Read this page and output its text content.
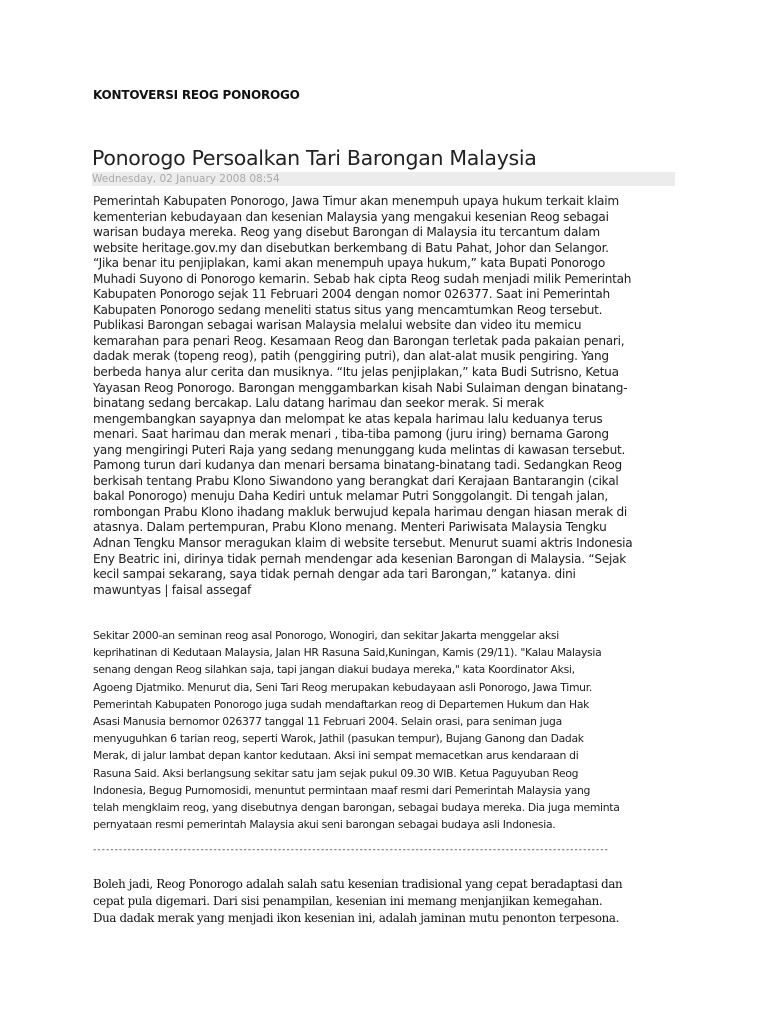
KONTOVERSI REOG PONOROGO
Ponorogo Persoalkan Tari Barongan Malaysia
Wednesday, 02 January 2008 08:54
Pemerintah Kabupaten Ponorogo, Jawa Timur akan menempuh upaya hukum terkait klaim
kementerian kebudayaan dan kesenian Malaysia yang mengakui kesenian Reog sebagai
warisan budaya mereka. Reog yang disebut Barongan di Malaysia itu tercantum dalam
website heritage.gov.my dan disebutkan berkembang di Batu Pahat, Johor dan Selangor.
“Jika benar itu penjiplakan, kami akan menempuh upaya hukum,” kata Bupati Ponorogo
Muhadi Suyono di Ponorogo kemarin. Sebab hak cipta Reog sudah menjadi milik Pemerintah
Kabupaten Ponorogo sejak 11 Februari 2004 dengan nomor 026377. Saat ini Pemerintah
Kabupaten Ponorogo sedang meneliti status situs yang mencamtumkan Reog tersebut.
Publikasi Barongan sebagai warisan Malaysia melalui website dan video itu memicu
kemarahan para penari Reog. Kesamaan Reog dan Barongan terletak pada pakaian penari,
dadak merak (topeng reog), patih (penggiring putri), dan alat-alat musik pengiring. Yang
berbeda hanya alur cerita dan musiknya. “Itu jelas penjiplakan,” kata Budi Sutrisno, Ketua
Yayasan Reog Ponorogo. Barongan menggambarkan kisah Nabi Sulaiman dengan binatang-
binatang sedang bercakap. Lalu datang harimau dan seekor merak. Si merak
mengembangkan sayapnya dan melompat ke atas kepala harimau lalu keduanya terus
menari. Saat harimau dan merak menari , tiba-tiba pamong (juru iring) bernama Garong
yang mengiringi Puteri Raja yang sedang menunggang kuda melintas di kawasan tersebut.
Pamong turun dari kudanya dan menari bersama binatang-binatang tadi. Sedangkan Reog
berkisah tentang Prabu Klono Siwandono yang berangkat dari Kerajaan Bantarangin (cikal
bakal Ponorogo) menuju Daha Kediri untuk melamar Putri Songgolangit. Di tengah jalan,
rombongan Prabu Klono ihadang makluk berwujud kepala harimau dengan hiasan merak di
atasnya. Dalam pertempuran, Prabu Klono menang. Menteri Pariwisata Malaysia Tengku
Adnan Tengku Mansor meragukan klaim di website tersebut. Menurut suami aktris Indonesia
Eny Beatric ini, dirinya tidak pernah mendengar ada kesenian Barongan di Malaysia. “Sejak
kecil sampai sekarang, saya tidak pernah dengar ada tari Barongan,” katanya. dini
mawuntyas | faisal assegaf
Sekitar 2000-an seminan reog asal Ponorogo, Wonogiri, dan sekitar Jakarta menggelar aksi
keprihatinan di Kedutaan Malaysia, Jalan HR Rasuna Said,Kuningan, Kamis (29/11). "Kalau Malaysia
senang dengan Reog silahkan saja, tapi jangan diakui budaya mereka," kata Koordinator Aksi,
Agoeng Djatmiko. Menurut dia, Seni Tari Reog merupakan kebudayaan asli Ponorogo, Jawa Timur.
Pemerintah Kabupaten Ponorogo juga sudah mendaftarkan reog di Departemen Hukum dan Hak
Asasi Manusia bernomor 026377 tanggal 11 Februari 2004. Selain orasi, para seniman juga
menyuguhkan 6 tarian reog, seperti Warok, Jathil (pasukan tempur), Bujang Ganong dan Dadak
Merak, di jalur lambat depan kantor kedutaan. Aksi ini sempat memacetkan arus kendaraan di
Rasuna Said. Aksi berlangsung sekitar satu jam sejak pukul 09.30 WIB. Ketua Paguyuban Reog
Indonesia, Begug Purnomosidi, menuntut permintaan maaf resmi dari Pemerintah Malaysia yang
telah mengklaim reog, yang disebutnya dengan barongan, sebagai budaya mereka. Dia juga meminta
pernyataan resmi pemerintah Malaysia akui seni barongan sebagai budaya asli Indonesia.
------------------------------------------------------------------------------------------------------------------------
Boleh jadi, Reog Ponorogo adalah salah satu kesenian tradisional yang cepat beradaptasi dan
cepat pula digemari. Dari sisi penampilan, kesenian ini memang menjanjikan kemegahan.
Dua dadak merak yang menjadi ikon kesenian ini, adalah jaminan mutu penonton terpesona.
